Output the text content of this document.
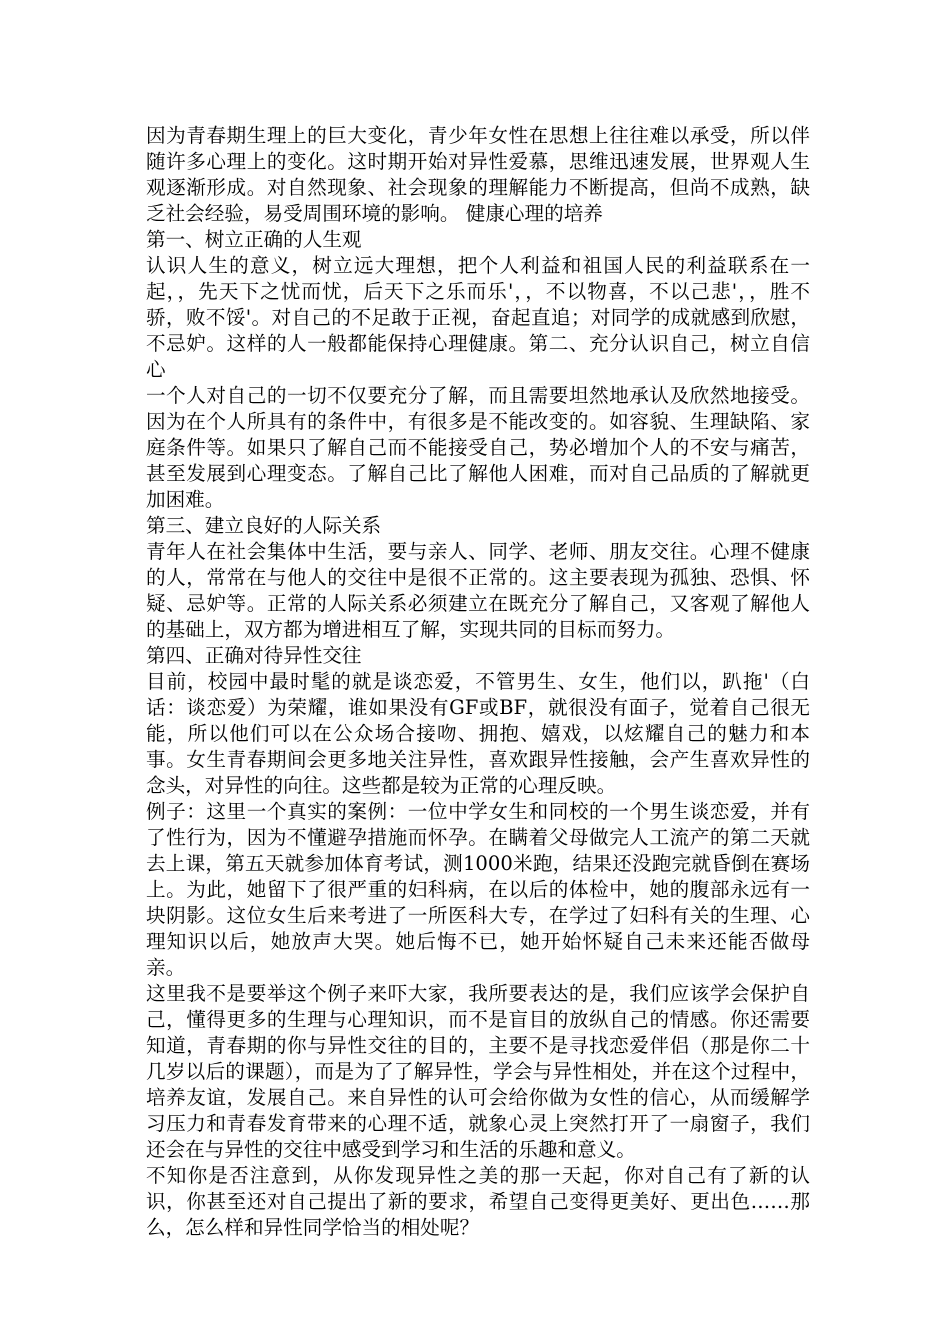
因为青春期生理上的巨大变化，青少年女性在思想上往往难以承受，所以伴随许多心理上的变化。这时期开始对异性爱慕，思维迅速发展，世界观人生观逐渐形成。对自然现象、社会现象的理解能力不断提高，但尚不成熟，缺乏社会经验，易受周围环境的影响。 健康心理的培养

第一、树立正确的人生观

认识人生的意义，树立远大理想，把个人利益和祖国人民的利益联系在一起，，先天下之忧而忧，后天下之乐而乐'，，不以物喜，不以己悲'，，胜不骄，败不馁'。对自己的不足敢于正视，奋起直追；对同学的成就感到欣慰，不忌妒。这样的人一般都能保持心理健康。第二、充分认识自己，树立自信心

一个人对自己的一切不仅要充分了解，而且需要坦然地承认及欣然地接受。因为在个人所具有的条件中，有很多是不能改变的。如容貌、生理缺陷、家庭条件等。如果只了解自己而不能接受自己，势必增加个人的不安与痛苦，甚至发展到心理变态。了解自己比了解他人困难，而对自己品质的了解就更加困难。

第三、建立良好的人际关系

青年人在社会集体中生活，要与亲人、同学、老师、朋友交往。心理不健康的人，常常在与他人的交往中是很不正常的。这主要表现为孤独、恐惧、怀疑、忌妒等。正常的人际关系必须建立在既充分了解自己，又客观了解他人的基础上，双方都为增进相互了解，实现共同的目标而努力。

第四、正确对待异性交往

目前，校园中最时髦的就是谈恋爱，不管男生、女生，他们以，趴拖'（白话：谈恋爱）为荣耀，谁如果没有GF或BF，就很没有面子，觉着自己很无能，所以他们可以在公众场合接吻、拥抱、嬉戏，以炫耀自己的魅力和本事。女生青春期间会更多地关注异性，喜欢跟异性接触，会产生喜欢异性的念头，对异性的向往。这些都是较为正常的心理反映。

例子：这里一个真实的案例：一位中学女生和同校的一个男生谈恋爱，并有了性行为，因为不懂避孕措施而怀孕。在瞒着父母做完人工流产的第二天就去上课，第五天就参加体育考试，测1000米跑，结果还没跑完就昏倒在赛场上。为此，她留下了很严重的妇科病，在以后的体检中，她的腹部永远有一块阴影。这位女生后来考进了一所医科大专，在学过了妇科有关的生理、心理知识以后，她放声大哭。她后悔不已，她开始怀疑自己未来还能否做母亲。

这里我不是要举这个例子来吓大家，我所要表达的是，我们应该学会保护自己，懂得更多的生理与心理知识，而不是盲目的放纵自己的情感。你还需要知道，青春期的你与异性交往的目的，主要不是寻找恋爱伴侣（那是你二十几岁以后的课题），而是为了了解异性，学会与异性相处，并在这个过程中，培养友谊，发展自己。来自异性的认可会给你做为女性的信心，从而缓解学习压力和青春发育带来的心理不适，就象心灵上突然打开了一扇窗子，我们还会在与异性的交往中感受到学习和生活的乐趣和意义。

不知你是否注意到，从你发现异性之美的那一天起，你对自己有了新的认识，你甚至还对自己提出了新的要求，希望自己变得更美好、更出色……那么，怎么样和异性同学恰当的相处呢？
